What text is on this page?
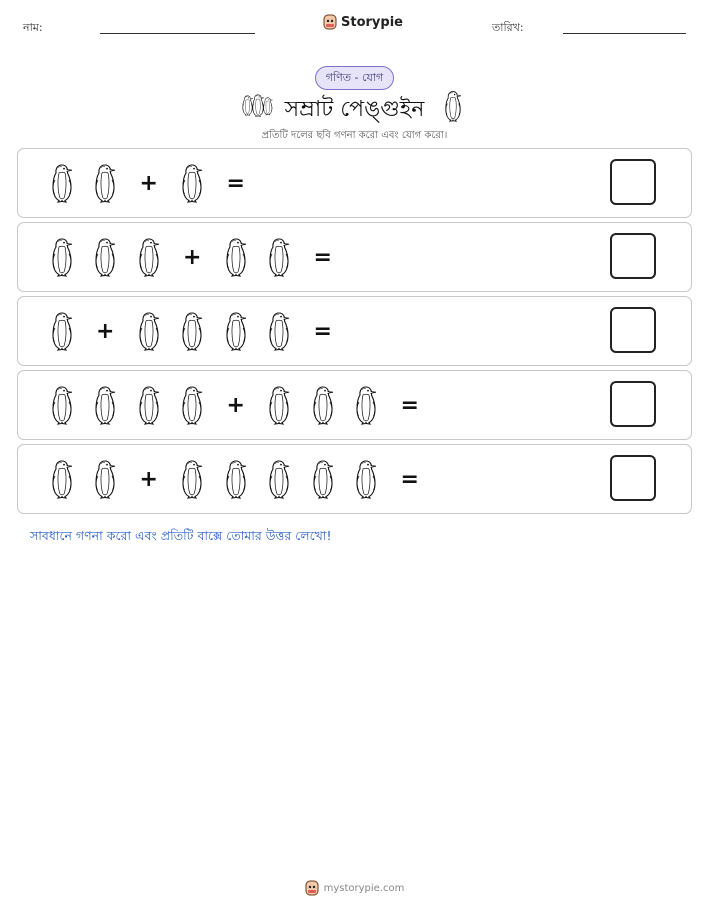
নাম:	Storypie	তারিখ:
গণিত - যোগ
সম্রাট পেঙ্গুইন
প্রতিটি দলের ছবি গণনা করো এবং যোগ করো।
+	=
+	=
+	=
+	=
+	=
সাবধানে গণনা করো এবং প্রতিটি বাক্সে তোমার উত্তর লেখো!
mystorypie.com
